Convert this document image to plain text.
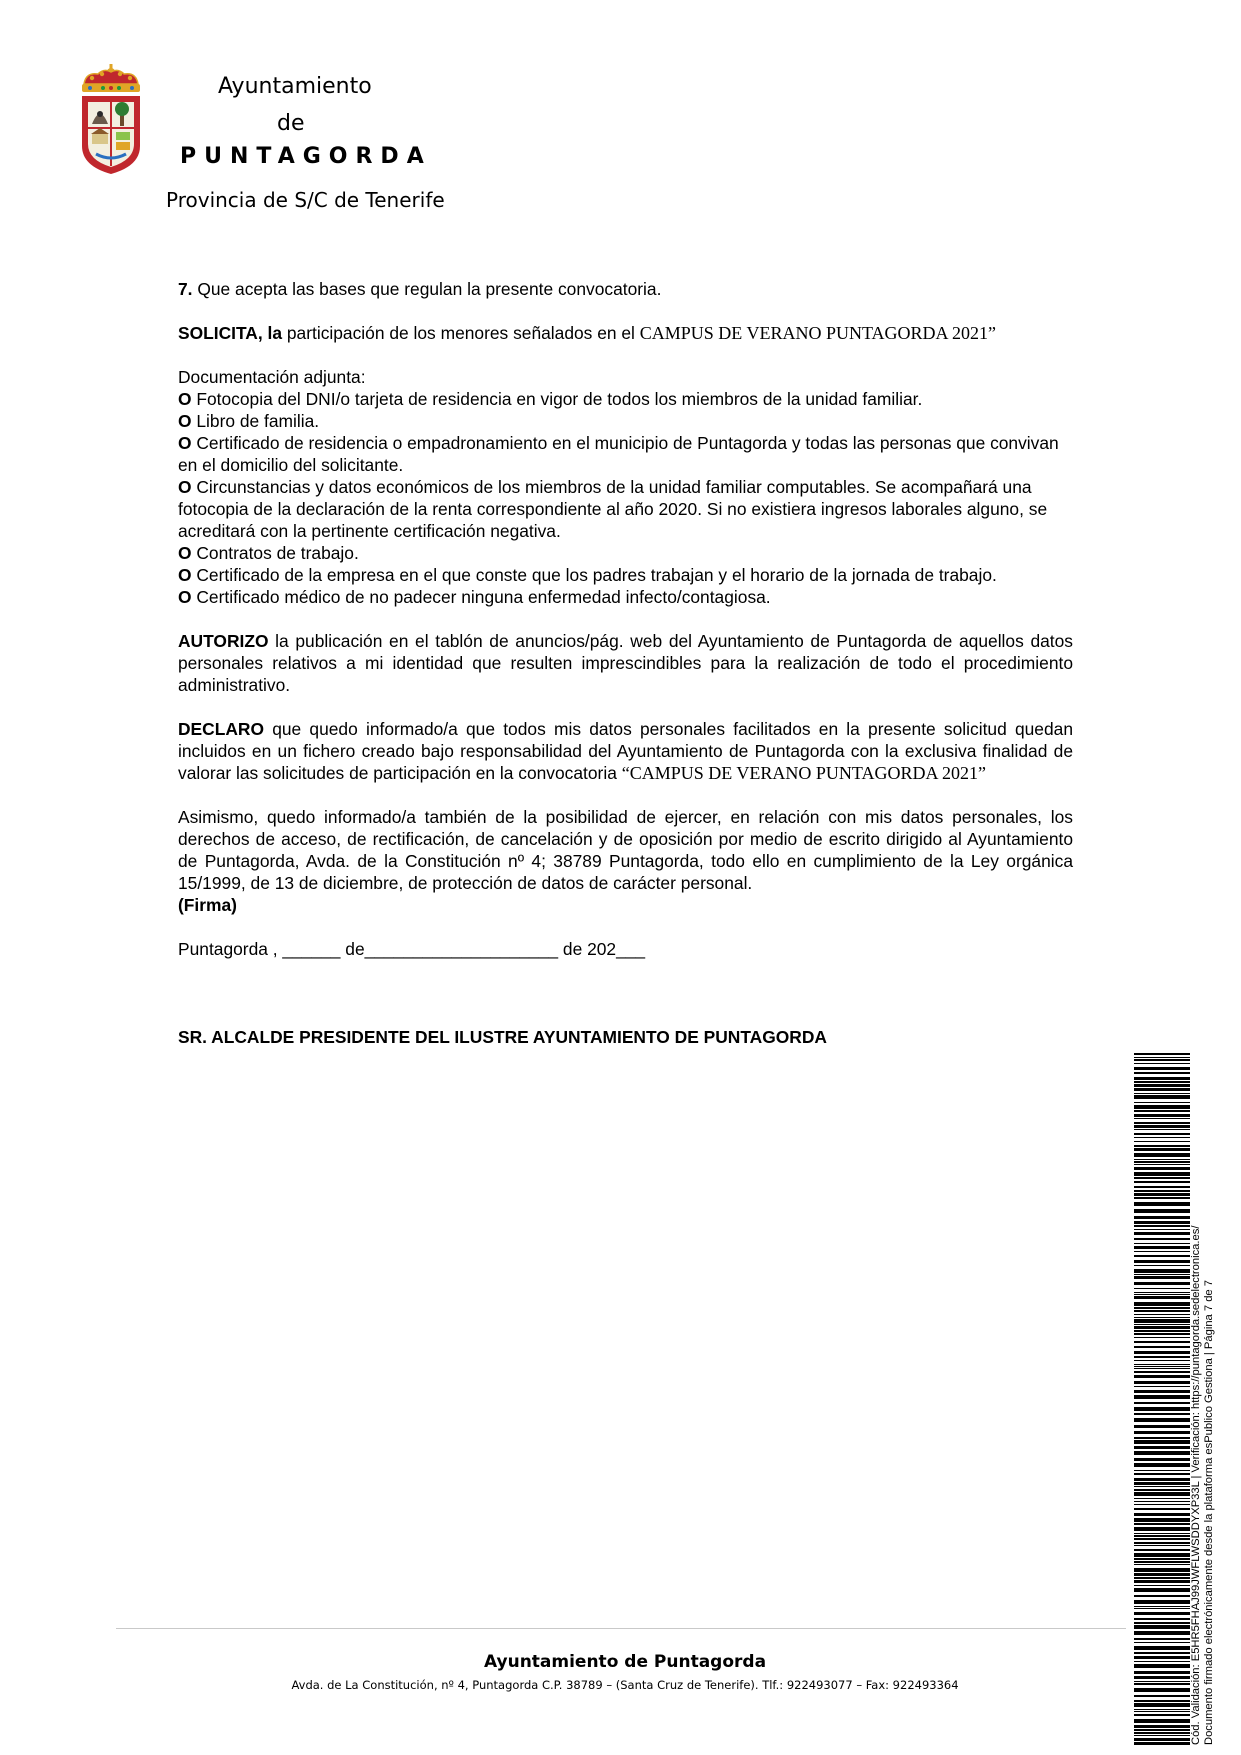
Ayuntamiento
de
PUNTAGORDA
Provincia de S/C de Tenerife

7. Que acepta las bases que regulan la presente convocatoria.

SOLICITA, la participación de los menores señalados en el CAMPUS DE VERANO PUNTAGORDA 2021”

Documentación adjunta:

O Fotocopia del DNI/o tarjeta de residencia en vigor de todos los miembros de la unidad familiar.

O Libro de familia.

O Certificado de residencia o empadronamiento en el municipio de Puntagorda y todas las personas que convivan en el domicilio del solicitante.

O Circunstancias y datos económicos de los miembros de la unidad familiar computables. Se acompañará una fotocopia de la declaración de la renta correspondiente al año 2020. Si no existiera ingresos laborales alguno, se acreditará con la pertinente certificación negativa.

O Contratos de trabajo.

O Certificado de la empresa en el que conste que los padres trabajan y el horario de la jornada de trabajo.

O Certificado médico de no padecer ninguna enfermedad infecto/contagiosa.

AUTORIZO la publicación en el tablón de anuncios/pág. web del Ayuntamiento de Puntagorda de aquellos datos personales relativos a mi identidad que resulten imprescindibles para la realización de todo el procedimiento administrativo.

DECLARO que quedo informado/a que todos mis datos personales facilitados en la presente solicitud quedan incluidos en un fichero creado bajo responsabilidad del Ayuntamiento de Puntagorda con la exclusiva finalidad de valorar las solicitudes de participación en la convocatoria “CAMPUS DE VERANO PUNTAGORDA 2021”

Asimismo, quedo informado/a también de la posibilidad de ejercer, en relación con mis datos personales, los derechos de acceso, de rectificación, de cancelación y de oposición por medio de escrito dirigido al Ayuntamiento de Puntagorda, Avda. de la Constitución nº 4; 38789 Puntagorda, todo ello en cumplimiento de la Ley orgánica 15/1999, de 13 de diciembre, de protección de datos de carácter personal.

(Firma)

Puntagorda , ______ de____________________ de 202___

SR. ALCALDE PRESIDENTE DEL ILUSTRE AYUNTAMIENTO DE PUNTAGORDA

Ayuntamiento de Puntagorda
Avda. de La Constitución, nº 4, Puntagorda C.P. 38789 – (Santa Cruz de Tenerife). Tlf.: 922493077 – Fax: 922493364	Cód. Validación: E5HR5FHAJ99JWFLWSDDYXP33L | Verificación: https://puntagorda.sedelectronica.es/ Documento firmado electrónicamente desde la plataforma esPublico Gestiona | Página 7 de 7
